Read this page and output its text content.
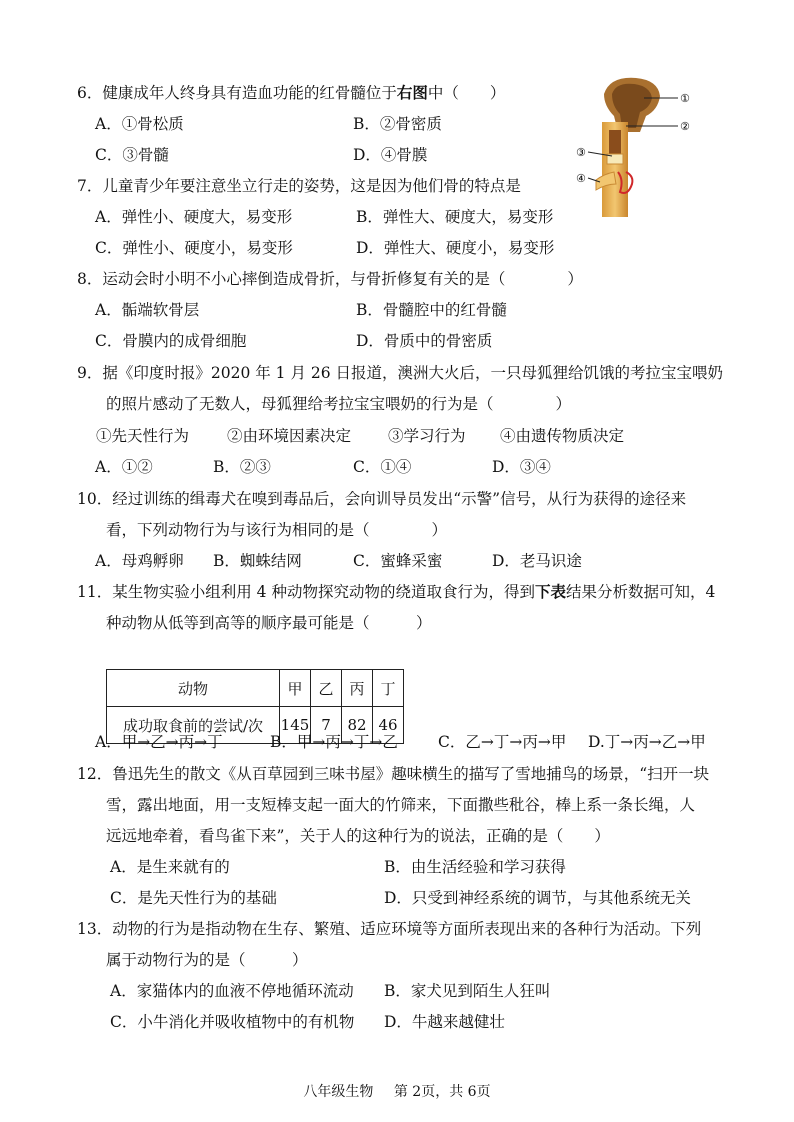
6．健康成年人终身具有造血功能的红骨髓位于右图中（　　）
A．①骨松质	B．②骨密质
C．③骨髓	D．④骨膜
①
②
③
④
7．儿童青少年要注意坐立行走的姿势，这是因为他们骨的特点是
A．弹性小、硬度大，易变形	B．弹性大、硬度大，易变形
C．弹性小、硬度小，易变形	D．弹性大、硬度小，易变形
8．运动会时小明不小心摔倒造成骨折，与骨折修复有关的是（　　　　）
A．骺端软骨层	B．骨髓腔中的红骨髓
C．骨膜内的成骨细胞	D．骨质中的骨密质
9．据《印度时报》2020 年 1 月 26 日报道，澳洲大火后，一只母狐狸给饥饿的考拉宝宝喂奶
的照片感动了无数人，母狐狸给考拉宝宝喂奶的行为是（　　　　）
①先天性行为 ②由环境因素决定 ③学习行为 ④由遗传物质决定
A．①②	B．②③	C．①④	D．③④
10．经过训练的缉毒犬在嗅到毒品后，会向训导员发出“示警”信号，从行为获得的途径来
看，下列动物行为与该行为相同的是（　　　　）
A．母鸡孵卵 B．蜘蛛结网	C．蜜蜂采蜜	D．老马识途
11．某生物实验小组利用 4 种动物探究动物的绕道取食行为，得到下表结果分析数据可知，4
种动物从低等到高等的顺序最可能是（　　　）
动物	甲	乙	丙	丁
成功取食前的尝试/次	145	7	82	46
A．甲→乙→丙→丁	B．甲→丙→丁→乙	C．乙→丁→丙→甲 D.丁→丙→乙→甲
12．鲁迅先生的散文《从百草园到三味书屋》趣味横生的描写了雪地捕鸟的场景，“扫开一块
雪，露出地面，用一支短棒支起一面大的竹筛来，下面撒些秕谷，棒上系一条长绳，人
远远地牵着，看鸟雀下来”，关于人的这种行为的说法，正确的是（　　）
A．是生来就有的	B．由生活经验和学习获得
C．是先天性行为的基础	D．只受到神经系统的调节，与其他系统无关
13．动物的行为是指动物在生存、繁殖、适应环境等方面所表现出来的各种行为活动。下列
属于动物行为的是（　　　）
A．家猫体内的血液不停地循环流动 B．家犬见到陌生人狂叫
C．小牛消化并吸收植物中的有机物 D．牛越来越健壮
八年级生物 第 2页，共 6页
